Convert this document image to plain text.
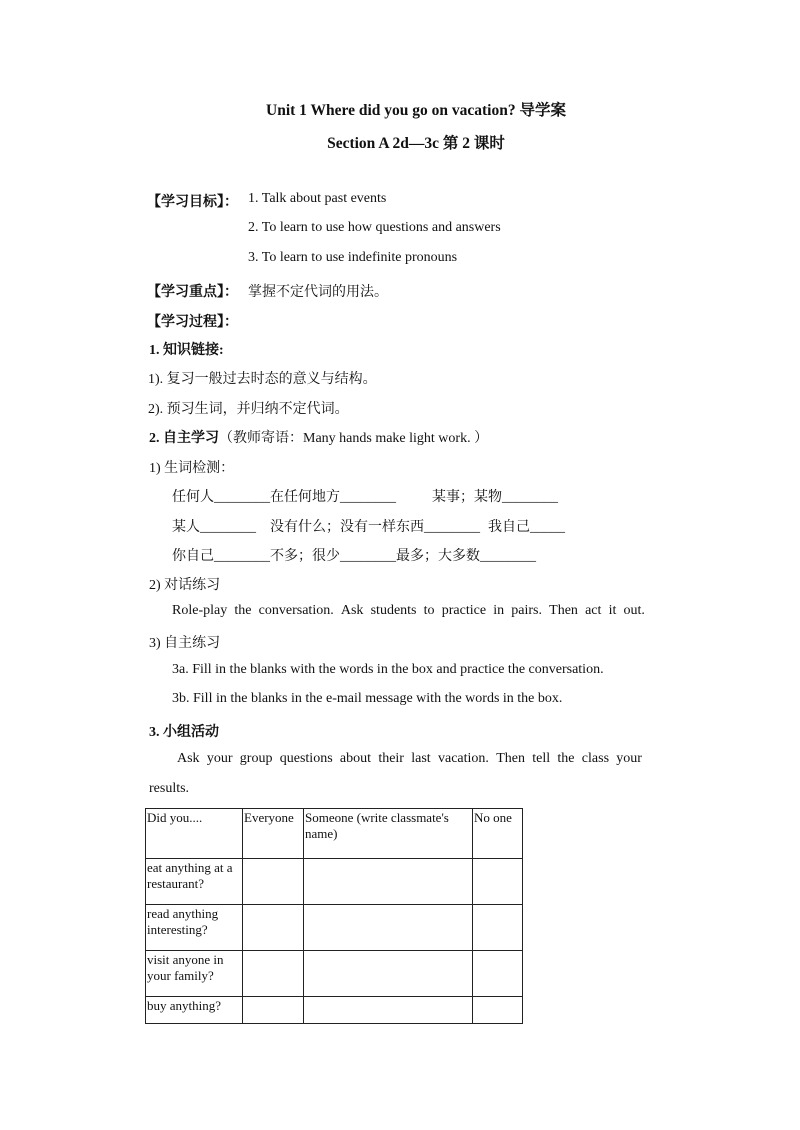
Unit 1 Where did you go on vacation? 导学案
Section A 2d—3c 第 2 课时
【学习目标】： 1. Talk about past events
2. To learn to use how questions and answers
3. To learn to use indefinite pronouns
【学习重点】： 掌握不定代词的用法。
【学习过程】：
1. 知识链接:
1). 复习一般过去时态的意义与结构。
2). 预习生词，并归纳不定代词。
2. 自主学习（教师寄语：Many hands make light work. ）
1) 生词检测：
任何人________在任何地方________	某事；某物________
某人________ 没有什么；没有一样东西________ 我自己_____
你自己________不多；很少________最多；大多数________
2) 对话练习
Role-play the conversation. Ask students to practice in pairs. Then act it out.
3) 自主练习
3a. Fill in the blanks with the words in the box and practice the conversation.
3b. Fill in the blanks in the e-mail message with the words in the box.
3. 小组活动
Ask your group questions about their last vacation. Then tell the class your
results.
Did you....	Everyone	Someone (write classmate's name)	No one
eat anything at a restaurant?			
read anything interesting?			
visit anyone in your family?			
buy anything?			
